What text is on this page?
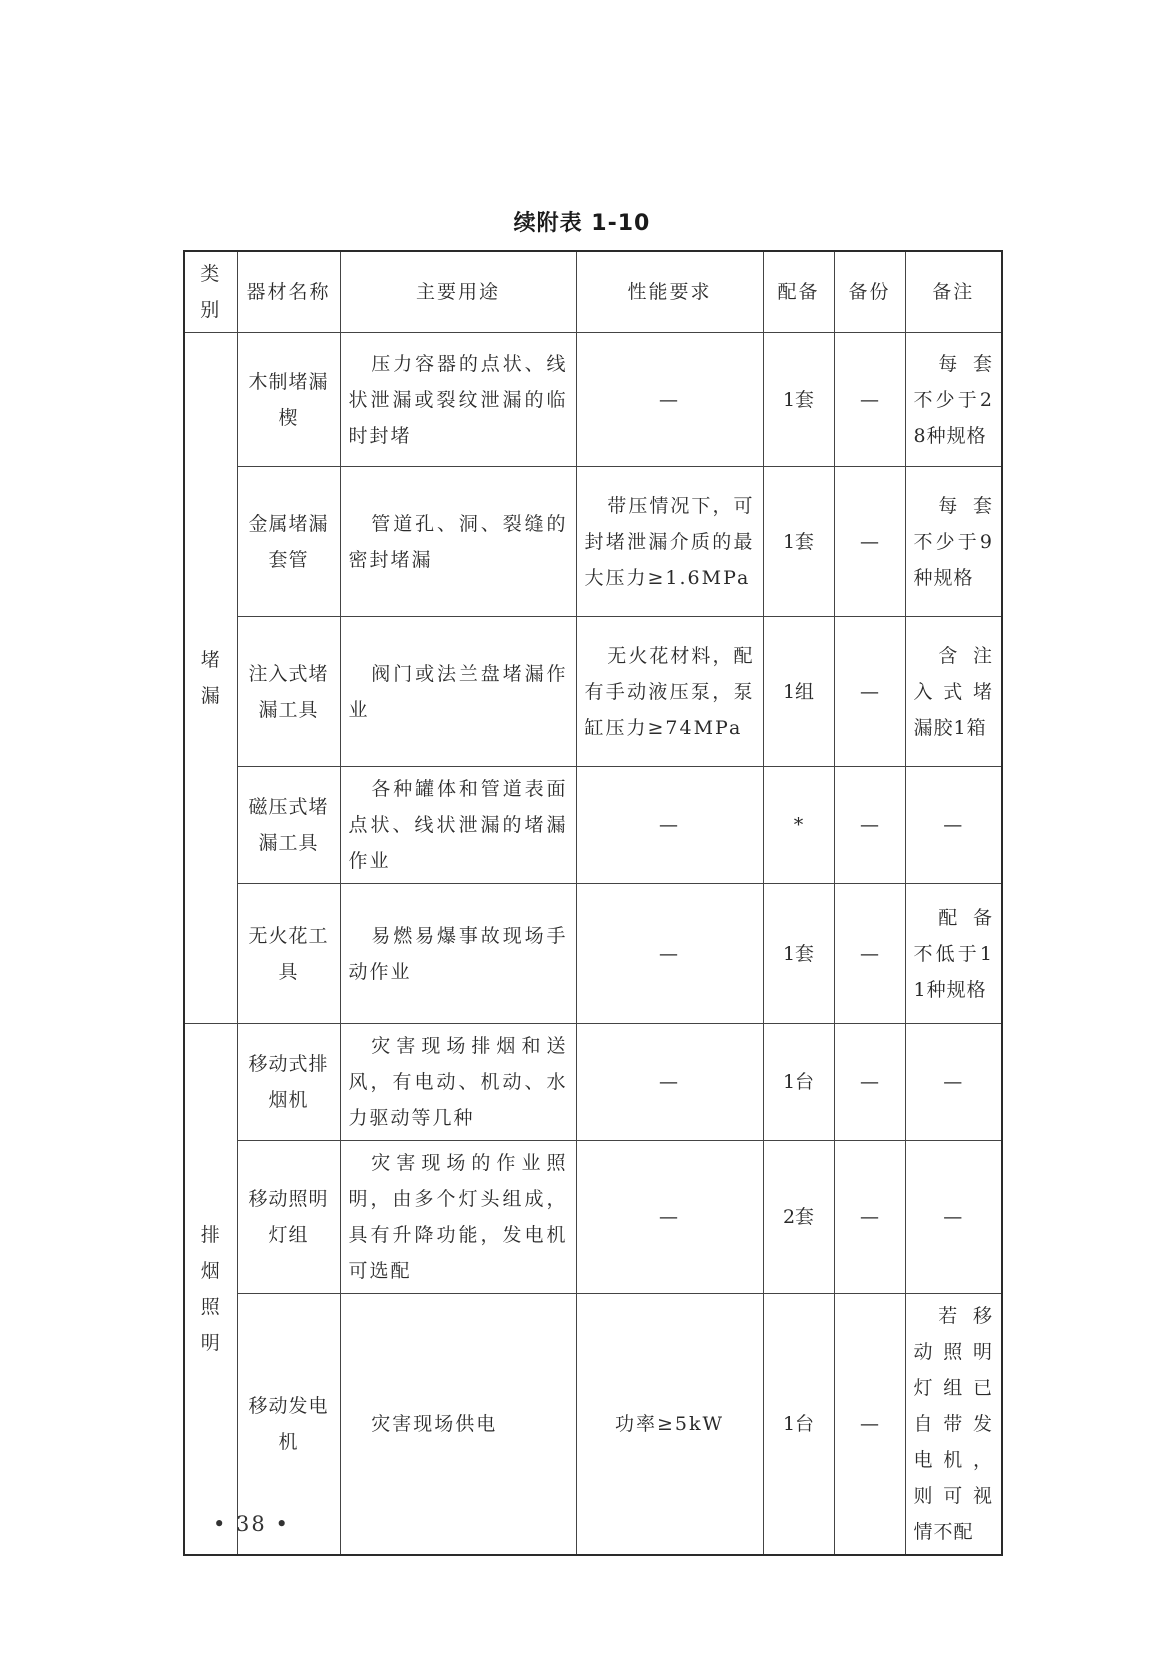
续附表 1-10
类别	器材名称	主要用途	性能要求	配备	备份	备注
堵漏	木制堵漏楔	压力容器的点状、线状泄漏或裂纹泄漏的临时封堵	—	1套	—	每套不少于28种规格
	金属堵漏套管	管道孔、洞、裂缝的密封堵漏	带压情况下，可封堵泄漏介质的最大压力≥1.6MPa	1套	—	每套不少于9种规格
	注入式堵漏工具	阀门或法兰盘堵漏作业	无火花材料，配有手动液压泵，泵缸压力≥74MPa	1组	—	含注入式堵漏胶1箱
	磁压式堵漏工具	各种罐体和管道表面点状、线状泄漏的堵漏作业	—	*	—	—
	无火花工具	易燃易爆事故现场手动作业	—	1套	—	配备不低于11种规格
排烟照明	移动式排烟机	灾害现场排烟和送风，有电动、机动、水力驱动等几种	—	1台	—	—
	移动照明灯组	灾害现场的作业照明，由多个灯头组成，具有升降功能，发电机可选配	—	2套	—	—
	移动发电机	灾害现场供电	功率≥5kW	1台	—	若移动照明灯组已自带发电机，则可视情不配
• 38 •
